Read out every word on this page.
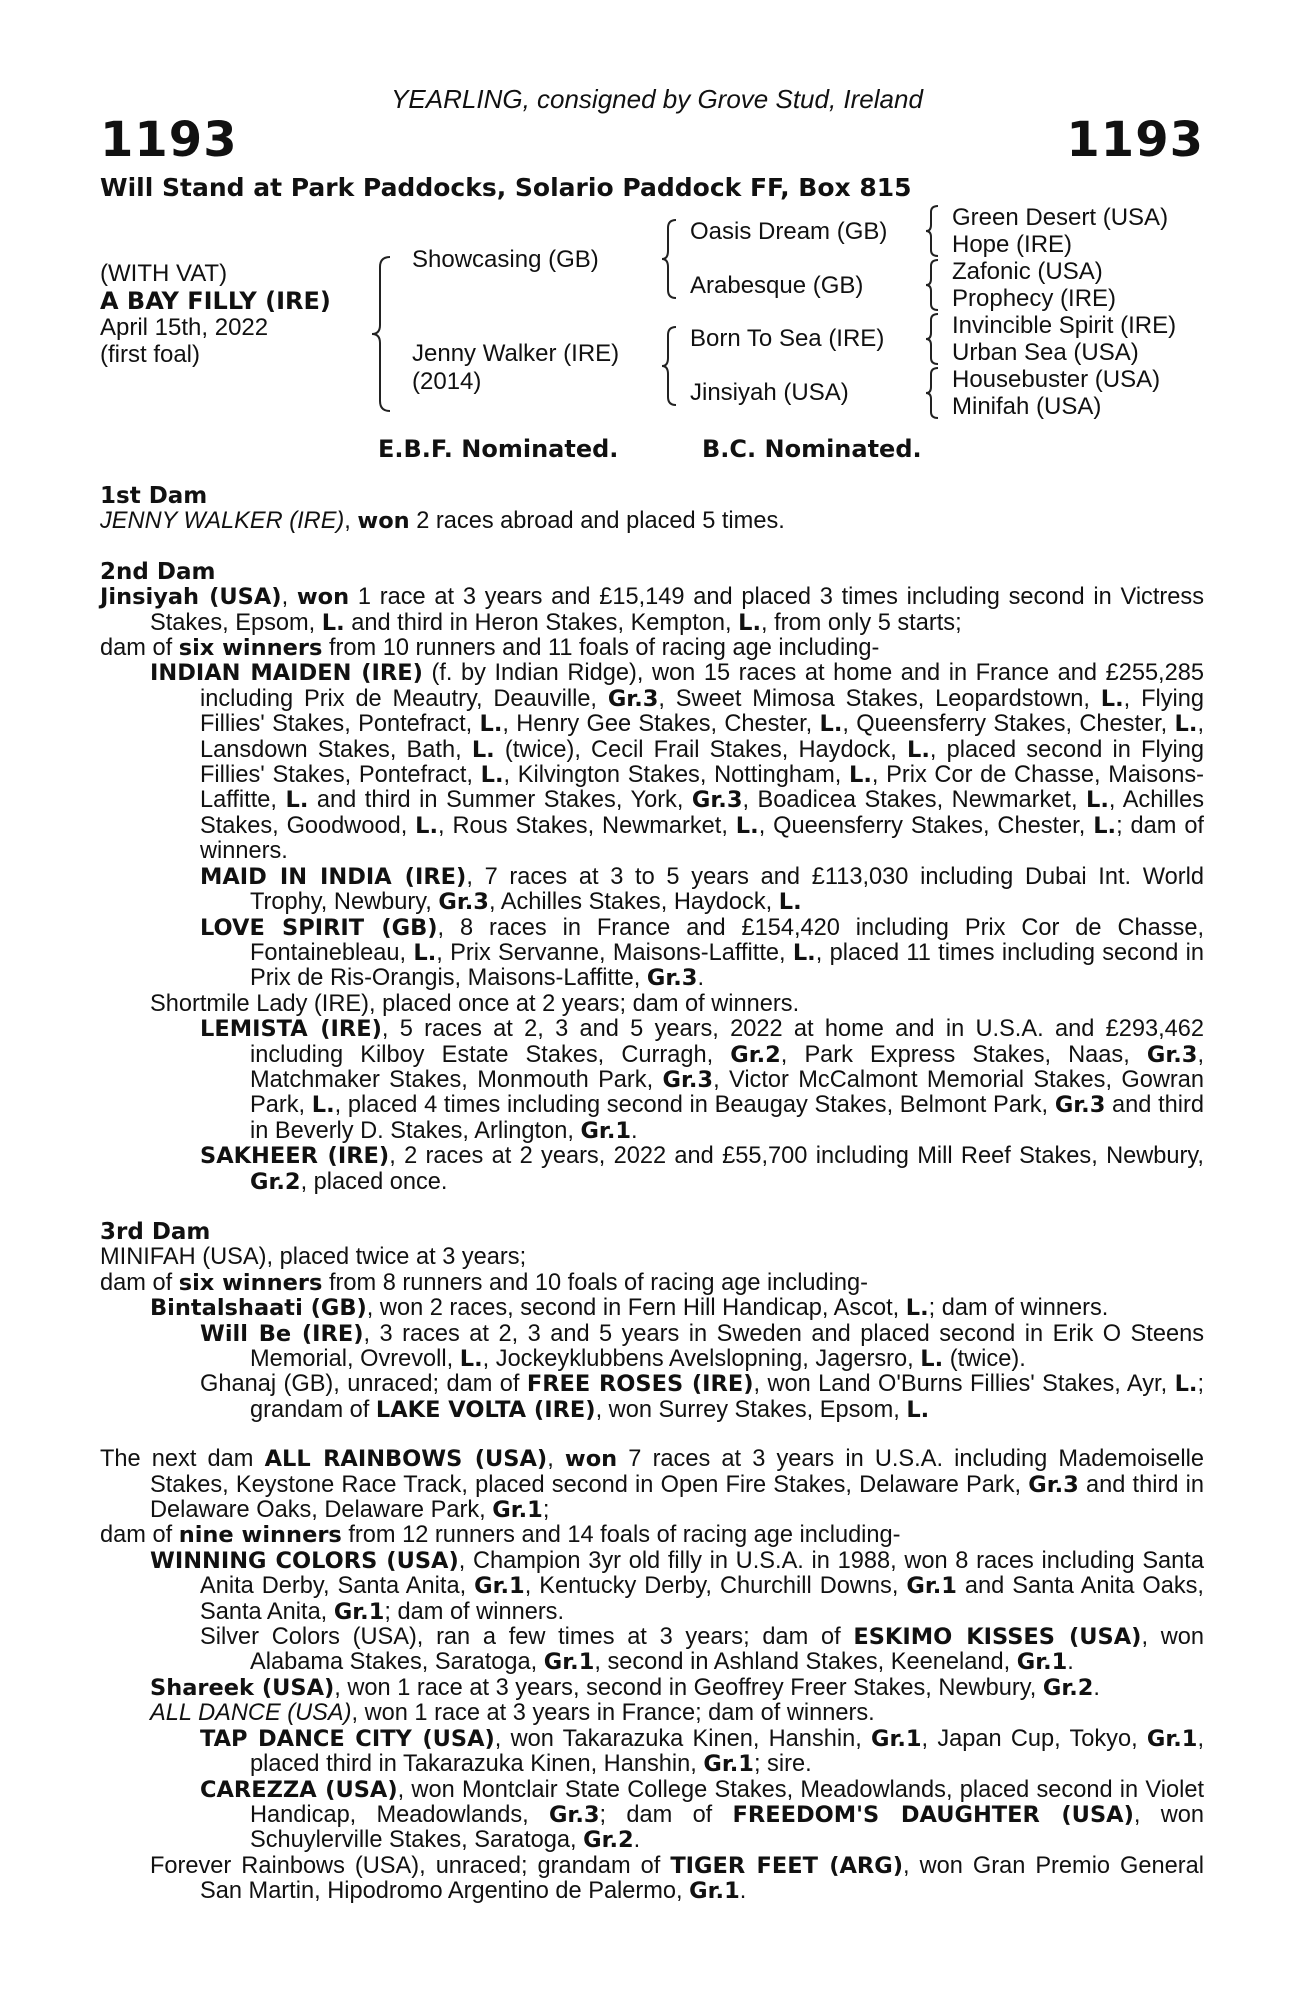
YEARLING, consigned by Grove Stud, Ireland
1193	1193
Will Stand at Park Paddocks, Solario Paddock FF, Box 815
(WITH VAT)
A BAY FILLY (IRE)
April 15th, 2022
(first foal)
Showcasing (GB)
Jenny Walker (IRE)
(2014)
Oasis Dream (GB)
Arabesque (GB)
Born To Sea (IRE)
Jinsiyah (USA)
Green Desert (USA)
Hope (IRE)
Zafonic (USA)
Prophecy (IRE)
Invincible Spirit (IRE)
Urban Sea (USA)
Housebuster (USA)
Minifah (USA)
E.B.F. Nominated.	B.C. Nominated.

1st Dam

JENNY WALKER (IRE), won 2 races abroad and placed 5 times.

2nd Dam

Jinsiyah (USA), won 1 race at 3 years and £15,149 and placed 3 times including second in Victress Stakes, Epsom, L. and third in Heron Stakes, Kempton, L., from only 5 starts;

dam of six winners from 10 runners and 11 foals of racing age including-

INDIAN MAIDEN (IRE) (f. by Indian Ridge), won 15 races at home and in France and £255,285 including Prix de Meautry, Deauville, Gr.3, Sweet Mimosa Stakes, Leopardstown, L., Flying Fillies' Stakes, Pontefract, L., Henry Gee Stakes, Chester, L., Queensferry Stakes, Chester, L., Lansdown Stakes, Bath, L. (twice), Cecil Frail Stakes, Haydock, L., placed second in Flying Fillies' Stakes, Pontefract, L., Kilvington Stakes, Nottingham, L., Prix Cor de Chasse, Maisons-Laffitte, L. and third in Summer Stakes, York, Gr.3, Boadicea Stakes, Newmarket, L., Achilles Stakes, Goodwood, L., Rous Stakes, Newmarket, L., Queensferry Stakes, Chester, L.; dam of winners.

MAID IN INDIA (IRE), 7 races at 3 to 5 years and £113,030 including Dubai Int. World Trophy, Newbury, Gr.3, Achilles Stakes, Haydock, L.

LOVE SPIRIT (GB), 8 races in France and £154,420 including Prix Cor de Chasse, Fontainebleau, L., Prix Servanne, Maisons-Laffitte, L., placed 11 times including second in Prix de Ris-Orangis, Maisons-Laffitte, Gr.3.

Shortmile Lady (IRE), placed once at 2 years; dam of winners.

LEMISTA (IRE), 5 races at 2, 3 and 5 years, 2022 at home and in U.S.A. and £293,462 including Kilboy Estate Stakes, Curragh, Gr.2, Park Express Stakes, Naas, Gr.3, Matchmaker Stakes, Monmouth Park, Gr.3, Victor McCalmont Memorial Stakes, Gowran Park, L., placed 4 times including second in Beaugay Stakes, Belmont Park, Gr.3 and third in Beverly D. Stakes, Arlington, Gr.1.

SAKHEER (IRE), 2 races at 2 years, 2022 and £55,700 including Mill Reef Stakes, Newbury, Gr.2, placed once.

3rd Dam

MINIFAH (USA), placed twice at 3 years;

dam of six winners from 8 runners and 10 foals of racing age including-

Bintalshaati (GB), won 2 races, second in Fern Hill Handicap, Ascot, L.; dam of winners.

Will Be (IRE), 3 races at 2, 3 and 5 years in Sweden and placed second in Erik O Steens Memorial, Ovrevoll, L., Jockeyklubbens Avelslopning, Jagersro, L. (twice).

Ghanaj (GB), unraced; dam of FREE ROSES (IRE), won Land O'Burns Fillies' Stakes, Ayr, L.; grandam of LAKE VOLTA (IRE), won Surrey Stakes, Epsom, L.

The next dam ALL RAINBOWS (USA), won 7 races at 3 years in U.S.A. including Mademoiselle Stakes, Keystone Race Track, placed second in Open Fire Stakes, Delaware Park, Gr.3 and third in Delaware Oaks, Delaware Park, Gr.1;

dam of nine winners from 12 runners and 14 foals of racing age including-

WINNING COLORS (USA), Champion 3yr old filly in U.S.A. in 1988, won 8 races including Santa Anita Derby, Santa Anita, Gr.1, Kentucky Derby, Churchill Downs, Gr.1 and Santa Anita Oaks, Santa Anita, Gr.1; dam of winners.

Silver Colors (USA), ran a few times at 3 years; dam of ESKIMO KISSES (USA), won Alabama Stakes, Saratoga, Gr.1, second in Ashland Stakes, Keeneland, Gr.1.

Shareek (USA), won 1 race at 3 years, second in Geoffrey Freer Stakes, Newbury, Gr.2.

ALL DANCE (USA), won 1 race at 3 years in France; dam of winners.

TAP DANCE CITY (USA), won Takarazuka Kinen, Hanshin, Gr.1, Japan Cup, Tokyo, Gr.1, placed third in Takarazuka Kinen, Hanshin, Gr.1; sire.

CAREZZA (USA), won Montclair State College Stakes, Meadowlands, placed second in Violet Handicap, Meadowlands, Gr.3; dam of FREEDOM'S DAUGHTER (USA), won Schuylerville Stakes, Saratoga, Gr.2.

Forever Rainbows (USA), unraced; grandam of TIGER FEET (ARG), won Gran Premio General San Martin, Hipodromo Argentino de Palermo, Gr.1.
